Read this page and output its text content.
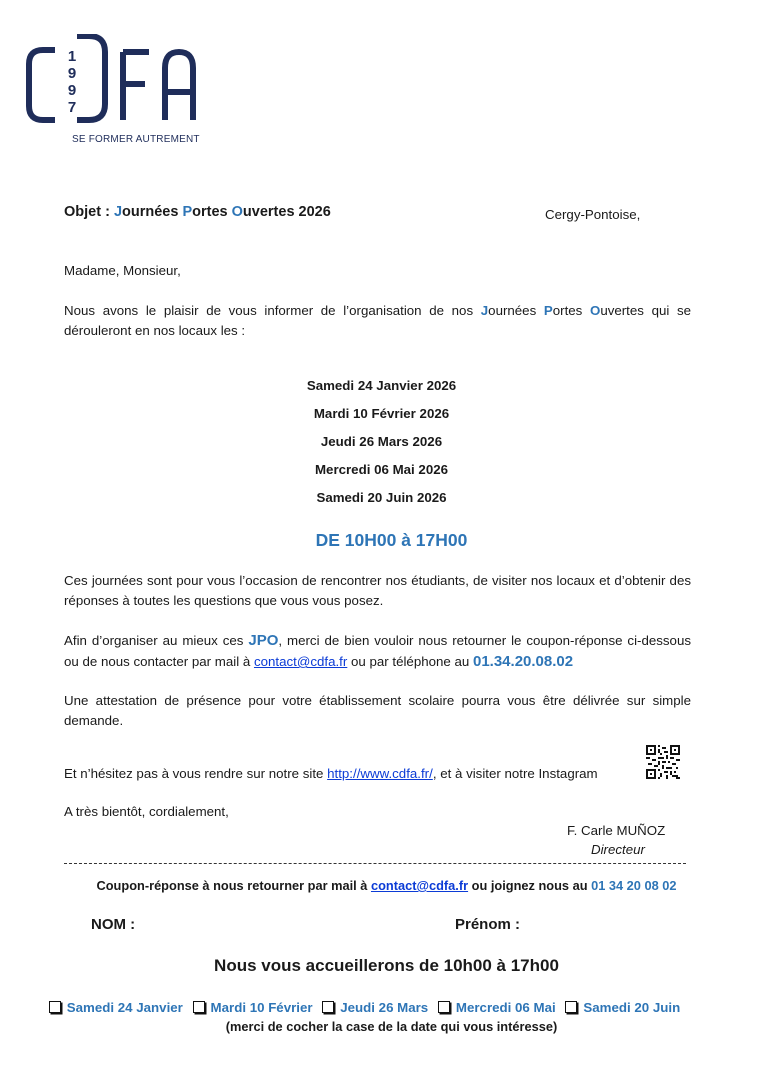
1997
SE FORMER AUTREMENT
Objet : Journées Portes Ouvertes 2026	Cergy-Pontoise,
Madame, Monsieur,

Nous avons le plaisir de vous informer de l’organisation de nos Journées Portes Ouvertes qui se dérouleront en nos locaux les :

Samedi 24 Janvier 2026
Mardi 10 Février 2026
Jeudi 26 Mars 2026
Mercredi 06 Mai 2026
Samedi 20 Juin 2026
DE 10H00 à 17H00

Ces journées sont pour vous l’occasion de rencontrer nos étudiants, de visiter nos locaux et d’obtenir des réponses à toutes les questions que vous vous posez.

Afin d’organiser au mieux ces JPO, merci de bien vouloir nous retourner le coupon-réponse ci-dessous ou de nous contacter par mail à contact@cdfa.fr ou par téléphone au 01.34.20.08.02

Une attestation de présence pour votre établissement scolaire pourra vous être délivrée sur simple demande.

Et n’hésitez pas à vous rendre sur notre site http://www.cdfa.fr/, et à visiter notre Instagram
A très bientôt, cordialement,
F. Carle MUÑOZ
Directeur
Coupon-réponse à nous retourner par mail à contact@cdfa.fr ou joignez nous au 01 34 20 08 02
NOM :	Prénom :
Nous vous accueillerons de 10h00 à 17h00
Samedi 24 Janvier Mardi 10 Février Jeudi 26 Mars Mercredi 06 Mai Samedi 20 Juin
(merci de cocher la case de la date qui vous intéresse)
